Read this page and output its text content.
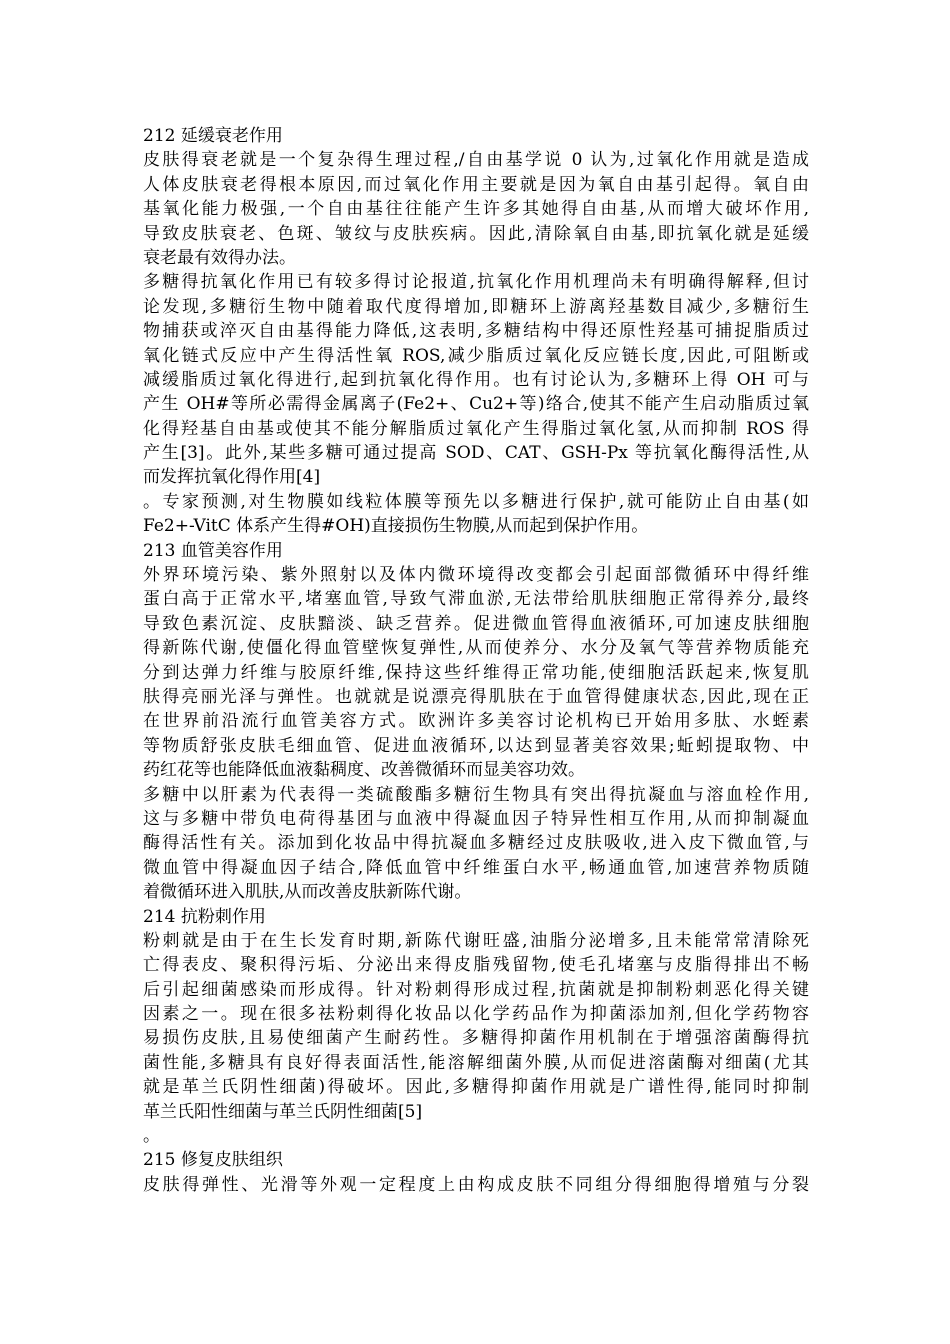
212 延缓衰老作用
皮肤得衰老就是一个复杂得生理过程,/自由基学说 0 认为,过氧化作用就是造成
人体皮肤衰老得根本原因,而过氧化作用主要就是因为氧自由基引起得。氧自由
基氧化能力极强,一个自由基往往能产生许多其她得自由基,从而增大破坏作用,
导致皮肤衰老、色斑、皱纹与皮肤疾病。因此,清除氧自由基,即抗氧化就是延缓
衰老最有效得办法。
多糖得抗氧化作用已有较多得讨论报道,抗氧化作用机理尚未有明确得解释,但讨
论发现,多糖衍生物中随着取代度得增加,即糖环上游离羟基数目减少,多糖衍生
物捕获或淬灭自由基得能力降低,这表明,多糖结构中得还原性羟基可捕捉脂质过
氧化链式反应中产生得活性氧 ROS,减少脂质过氧化反应链长度,因此,可阻断或
减缓脂质过氧化得进行,起到抗氧化得作用。也有讨论认为,多糖环上得 OH 可与
产生 OH#等所必需得金属离子(Fe2+、Cu2+等)络合,使其不能产生启动脂质过氧
化得羟基自由基或使其不能分解脂质过氧化产生得脂过氧化氢,从而抑制 ROS 得
产生[3]。此外,某些多糖可通过提高 SOD、CAT、GSH-Px 等抗氧化酶得活性,从
而发挥抗氧化得作用[4]
。专家预测,对生物膜如线粒体膜等预先以多糖进行保护,就可能防止自由基(如
Fe2+-VitC 体系产生得#OH)直接损伤生物膜,从而起到保护作用。
213 血管美容作用
外界环境污染、紫外照射以及体内微环境得改变都会引起面部微循环中得纤维
蛋白高于正常水平,堵塞血管,导致气滞血淤,无法带给肌肤细胞正常得养分,最终
导致色素沉淀、皮肤黯淡、缺乏营养。促进微血管得血液循环,可加速皮肤细胞
得新陈代谢,使僵化得血管壁恢复弹性,从而使养分、水分及氧气等营养物质能充
分到达弹力纤维与胶原纤维,保持这些纤维得正常功能,使细胞活跃起来,恢复肌
肤得亮丽光泽与弹性。也就就是说漂亮得肌肤在于血管得健康状态,因此,现在正
在世界前沿流行血管美容方式。欧洲许多美容讨论机构已开始用多肽、水蛭素
等物质舒张皮肤毛细血管、促进血液循环,以达到显著美容效果;蚯蚓提取物、中
药红花等也能降低血液黏稠度、改善微循环而显美容功效。
多糖中以肝素为代表得一类硫酸酯多糖衍生物具有突出得抗凝血与溶血栓作用,
这与多糖中带负电荷得基团与血液中得凝血因子特异性相互作用,从而抑制凝血
酶得活性有关。添加到化妆品中得抗凝血多糖经过皮肤吸收,进入皮下微血管,与
微血管中得凝血因子结合,降低血管中纤维蛋白水平,畅通血管,加速营养物质随
着微循环进入肌肤,从而改善皮肤新陈代谢。
214 抗粉刺作用
粉刺就是由于在生长发育时期,新陈代谢旺盛,油脂分泌增多,且未能常常清除死
亡得表皮、聚积得污垢、分泌出来得皮脂残留物,使毛孔堵塞与皮脂得排出不畅
后引起细菌感染而形成得。针对粉刺得形成过程,抗菌就是抑制粉刺恶化得关键
因素之一。现在很多祛粉刺得化妆品以化学药品作为抑菌添加剂,但化学药物容
易损伤皮肤,且易使细菌产生耐药性。多糖得抑菌作用机制在于增强溶菌酶得抗
菌性能,多糖具有良好得表面活性,能溶解细菌外膜,从而促进溶菌酶对细菌(尤其
就是革兰氏阴性细菌)得破坏。因此,多糖得抑菌作用就是广谱性得,能同时抑制
革兰氏阳性细菌与革兰氏阴性细菌[5]
。
215 修复皮肤组织
皮肤得弹性、光滑等外观一定程度上由构成皮肤不同组分得细胞得增殖与分裂
